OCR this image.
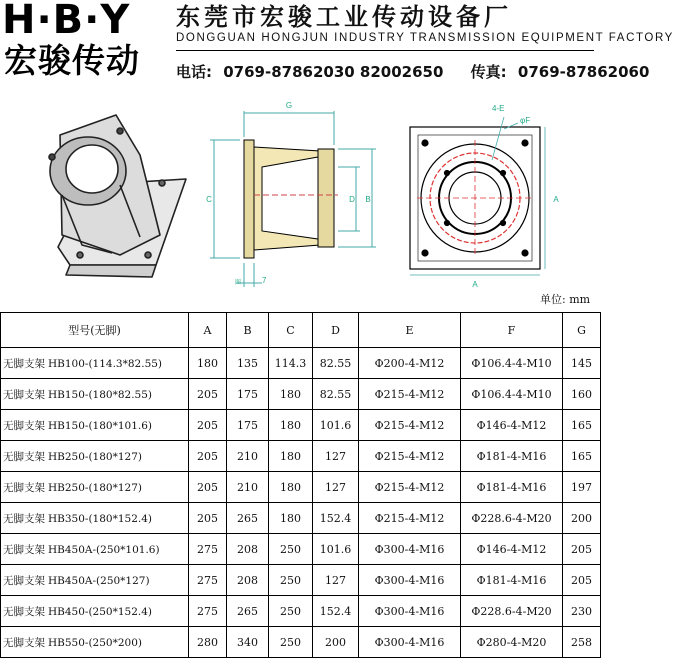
H·B·Y
宏骏传动
东莞市宏骏工业传动设备厂
DONGGUAN HONGJUN INDUSTRY TRANSMISSION EQUIPMENT FACTORY
电话: 0769-87862030 82002650 传真: 0769-87862060
G
C	D B
图	7
4-E
φF
A
A
单位: mm
型号(无脚)	A	B	C	D	E	F	G
无脚支架 HB100-(114.3*82.55)	180	135	114.3	82.55	Φ200-4-M12	Φ106.4-4-M10	145
无脚支架 HB150-(180*82.55)	205	175	180	82.55	Φ215-4-M12	Φ106.4-4-M10	160
无脚支架 HB150-(180*101.6)	205	175	180	101.6	Φ215-4-M12	Φ146-4-M12	165
无脚支架 HB250-(180*127)	205	210	180	127	Φ215-4-M12	Φ181-4-M16	165
无脚支架 HB250-(180*127)	205	210	180	127	Φ215-4-M12	Φ181-4-M16	197
无脚支架 HB350-(180*152.4)	205	265	180	152.4	Φ215-4-M12	Φ228.6-4-M20	200
无脚支架 HB450A-(250*101.6)	275	208	250	101.6	Φ300-4-M16	Φ146-4-M12	205
无脚支架 HB450A-(250*127)	275	208	250	127	Φ300-4-M16	Φ181-4-M16	205
无脚支架 HB450-(250*152.4)	275	265	250	152.4	Φ300-4-M16	Φ228.6-4-M20	230
无脚支架 HB550-(250*200)	280	340	250	200	Φ300-4-M16	Φ280-4-M20	258
